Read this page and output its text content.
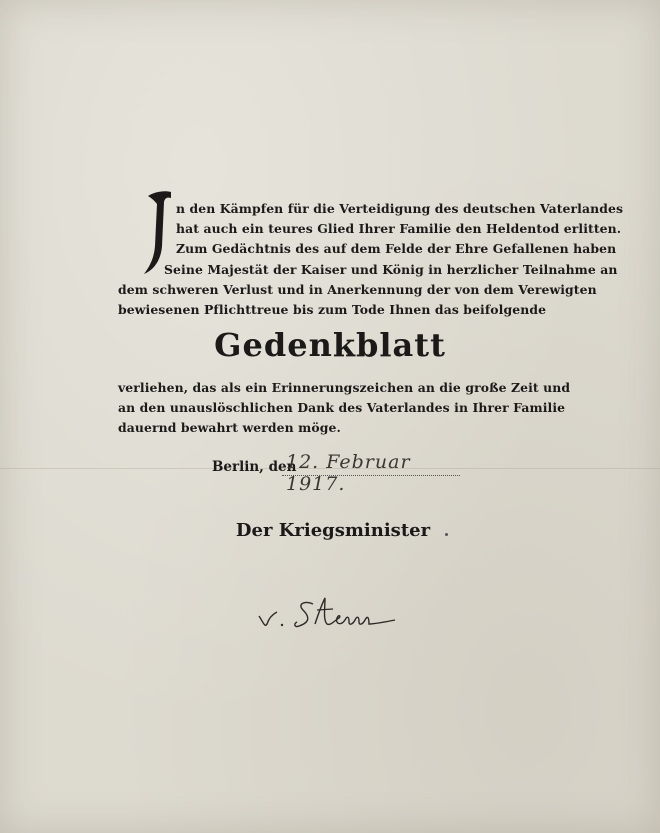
n den Kämpfen für die Verteidigung des deutschen Vaterlandes
hat auch ein teures Glied Ihrer Familie den Heldentod erlitten.
Zum Gedächtnis des auf dem Felde der Ehre Gefallenen haben
Seine Majestät der Kaiser und König in herzlicher Teilnahme an
dem schweren Verlust und in Anerkennung der von dem Verewigten
bewiesenen Pflichttreue bis zum Tode Ihnen das beifolgende
Gedenkblatt
verliehen, das als ein Erinnerungszeichen an die große Zeit und
an den unauslöschlichen Dank des Vaterlandes in Ihrer Familie
dauernd bewahrt werden möge.
Berlin, den
12. Februar 1917.
Der Kriegsminister
